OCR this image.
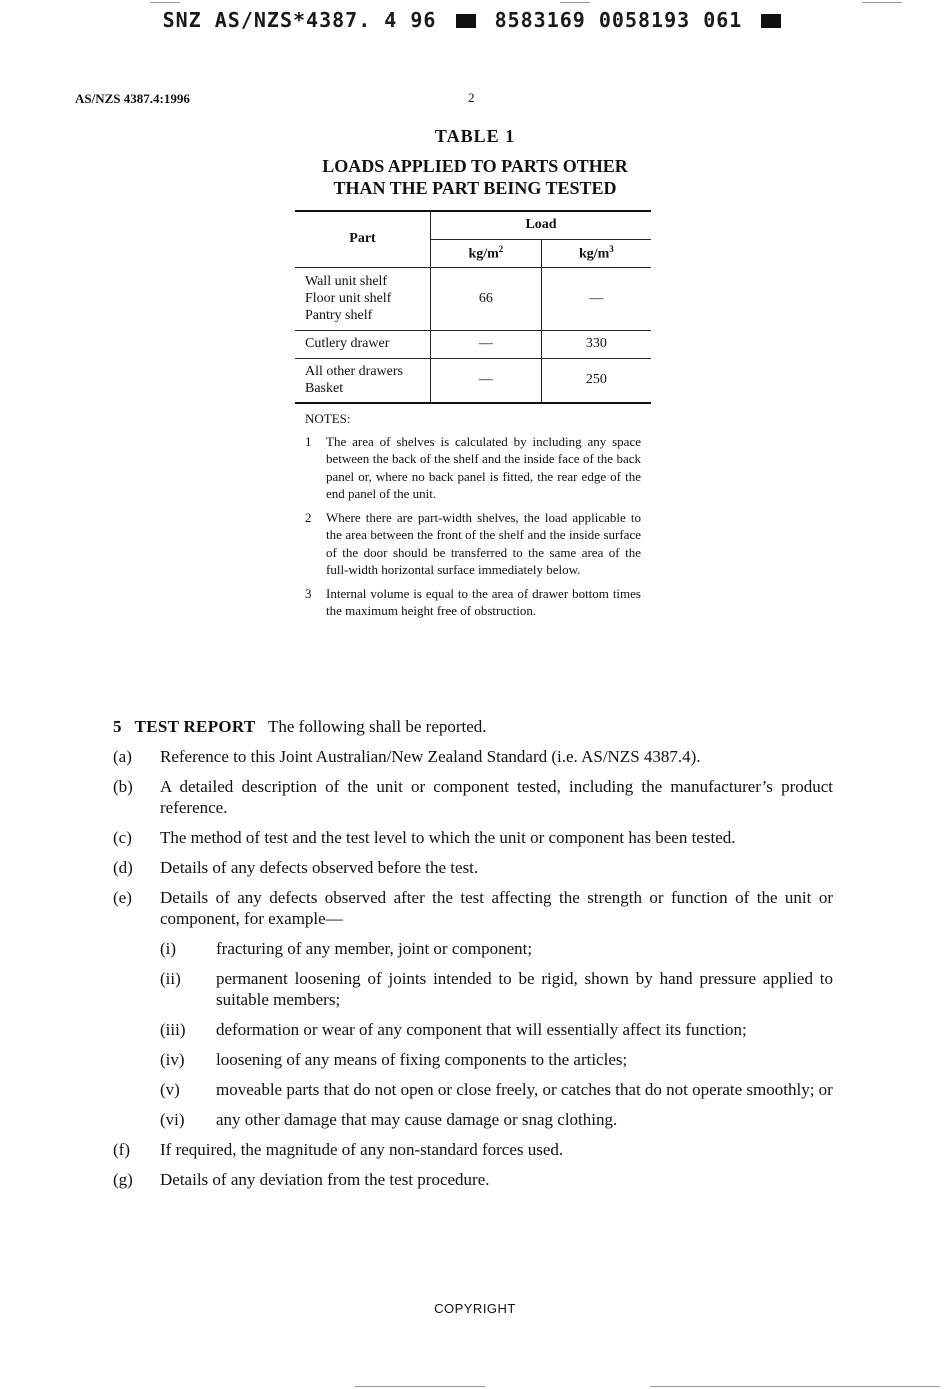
SNZ AS/NZS*4387. 4 96	8583169 0058193 061
AS/NZS 4387.4:1996	2
TABLE 1
LOADS APPLIED TO PARTS OTHER
THAN THE PART BEING TESTED
Part	Load	
	$kg/m^2$	$kg/m^3$

Wall unit shelf
Floor unit shelf
Pantry shelf	66	—

Cutlery drawer	—	330

All other drawers
Basket	—	250
NOTES:
1	The area of shelves is calculated by including any space between the back of the shelf and the inside face of the back panel or, where no back panel is fitted, the rear edge of the end panel of the unit.
2	Where there are part-width shelves, the load applicable to the area between the front of the shelf and the inside surface of the door should be transferred to the same area of the full-width horizontal surface immediately below.
3	Internal volume is equal to the area of drawer bottom times the maximum height free of obstruction.
5 TEST REPORT The following shall be reported.
(a)	Reference to this Joint Australian/New Zealand Standard (i.e. AS/NZS 4387.4).
(b)	A detailed description of the unit or component tested, including the manufacturer’s product reference.
(c)	The method of test and the test level to which the unit or component has been tested.
(d)	Details of any defects observed before the test.
(e)	Details of any defects observed after the test affecting the strength or function of the unit or component, for example—
(i)	fracturing of any member, joint or component;
(ii)	permanent loosening of joints intended to be rigid, shown by hand pressure applied to suitable members;
(iii)	deformation or wear of any component that will essentially affect its function;
(iv)	loosening of any means of fixing components to the articles;
(v)	moveable parts that do not open or close freely, or catches that do not operate smoothly; or
(vi)	any other damage that may cause damage or snag clothing.
(f)	If required, the magnitude of any non-standard forces used.
(g)	Details of any deviation from the test procedure.
COPYRIGHT
